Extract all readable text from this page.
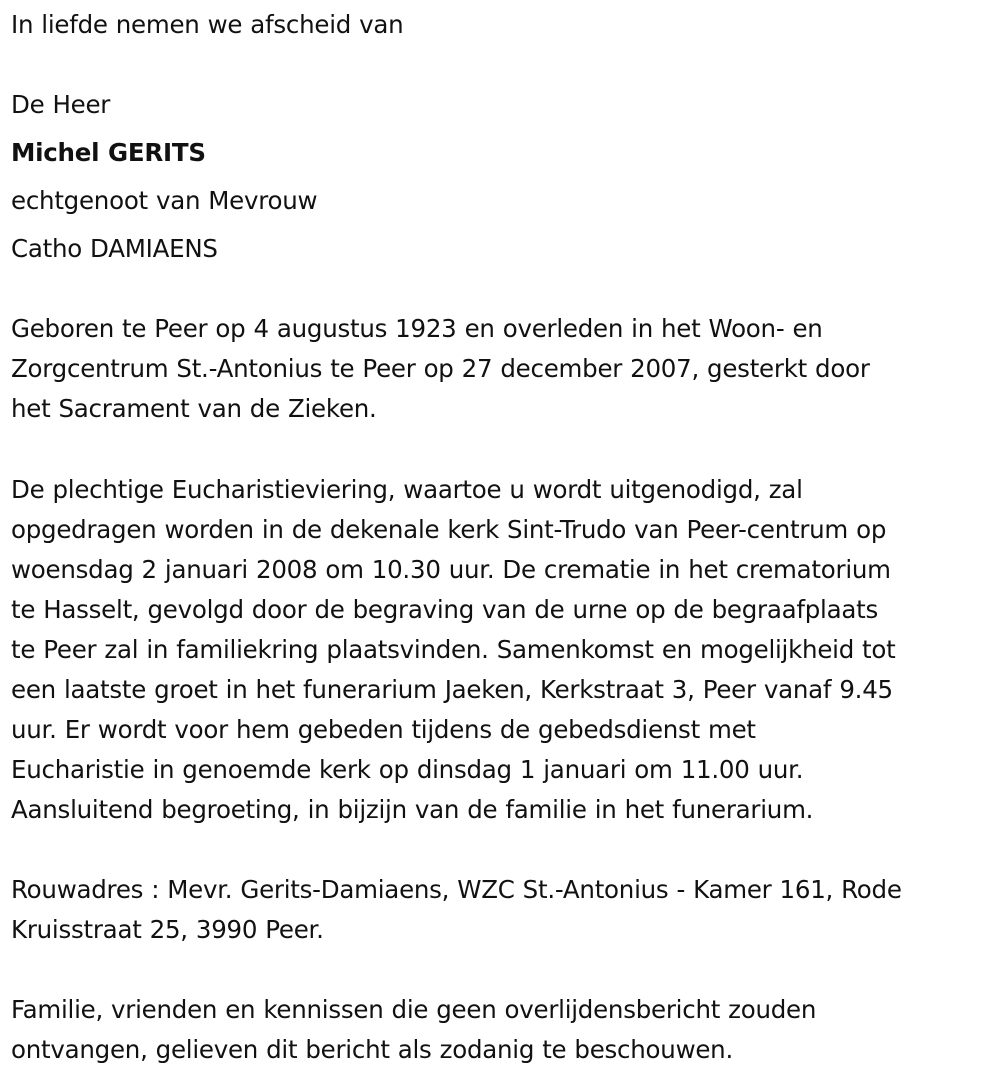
In liefde nemen we afscheid van
De Heer
Michel GERITS
echtgenoot van Mevrouw
Catho DAMIAENS
Geboren te Peer op 4 augustus 1923 en overleden in het Woon- en
Zorgcentrum St.-Antonius te Peer op 27 december 2007, gesterkt door
het Sacrament van de Zieken.
De plechtige Eucharistieviering, waartoe u wordt uitgenodigd, zal
opgedragen worden in de dekenale kerk Sint-Trudo van Peer-centrum op
woensdag 2 januari 2008 om 10.30 uur. De crematie in het crematorium
te Hasselt, gevolgd door de begraving van de urne op de begraafplaats
te Peer zal in familiekring plaatsvinden. Samenkomst en mogelijkheid tot
een laatste groet in het funerarium Jaeken, Kerkstraat 3, Peer vanaf 9.45
uur. Er wordt voor hem gebeden tijdens de gebedsdienst met
Eucharistie in genoemde kerk op dinsdag 1 januari om 11.00 uur.
Aansluitend begroeting, in bijzijn van de familie in het funerarium.
Rouwadres : Mevr. Gerits-Damiaens, WZC St.-Antonius - Kamer 161, Rode
Kruisstraat 25, 3990 Peer.
Familie, vrienden en kennissen die geen overlijdensbericht zouden
ontvangen, gelieven dit bericht als zodanig te beschouwen.
